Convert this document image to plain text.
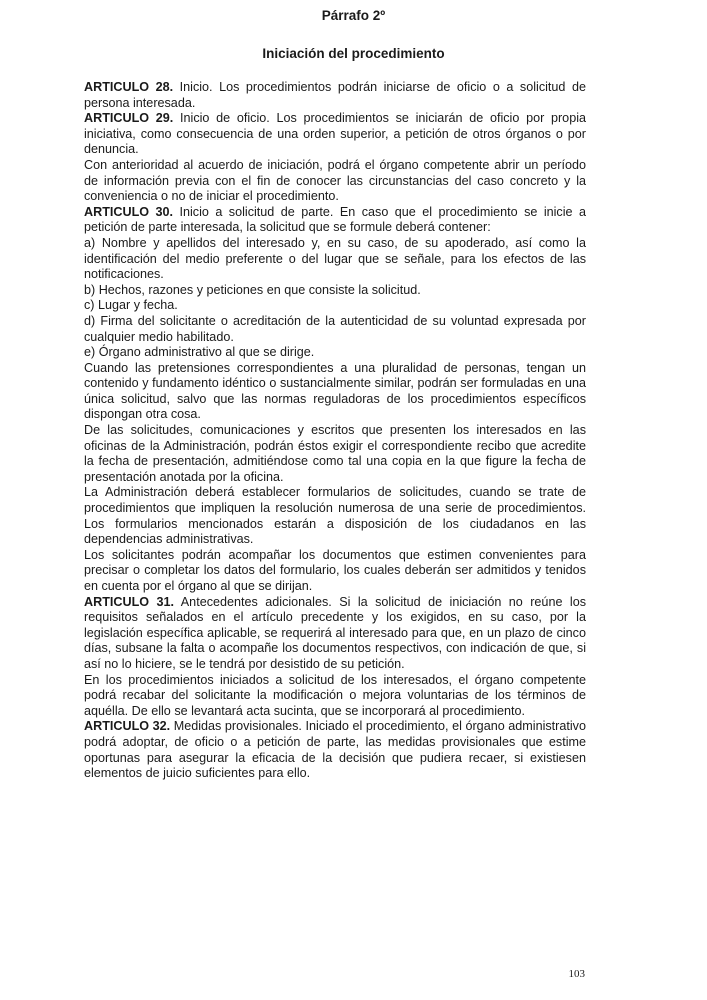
Párrafo 2º
Iniciación del procedimiento

ARTICULO 28. Inicio. Los procedimientos podrán iniciarse de oficio o a solicitud de persona interesada.

ARTICULO 29. Inicio de oficio. Los procedimientos se iniciarán de oficio por propia iniciativa, como consecuencia de una orden superior, a petición de otros órganos o por denuncia.

Con anterioridad al acuerdo de iniciación, podrá el órgano competente abrir un período de información previa con el fin de conocer las circunstancias del caso concreto y la conveniencia o no de iniciar el procedimiento.

ARTICULO 30. Inicio a solicitud de parte. En caso que el procedimiento se inicie a petición de parte interesada, la solicitud que se formule deberá contener:

a) Nombre y apellidos del interesado y, en su caso, de su apoderado, así como la identificación del medio preferente o del lugar que se señale, para los efectos de las notificaciones.

b) Hechos, razones y peticiones en que consiste la solicitud.

c) Lugar y fecha.

d) Firma del solicitante o acreditación de la autenticidad de su voluntad expresada por cualquier medio habilitado.

e) Órgano administrativo al que se dirige.

Cuando las pretensiones correspondientes a una pluralidad de personas, tengan un contenido y fundamento idéntico o sustancialmente similar, podrán ser formuladas en una única solicitud, salvo que las normas reguladoras de los procedimientos específicos dispongan otra cosa.

De las solicitudes, comunicaciones y escritos que presenten los interesados en las oficinas de la Administración, podrán éstos exigir el correspondiente recibo que acredite la fecha de presentación, admitiéndose como tal una copia en la que figure la fecha de presentación anotada por la oficina.

La Administración deberá establecer formularios de solicitudes, cuando se trate de procedimientos que impliquen la resolución numerosa de una serie de procedimientos. Los formularios mencionados estarán a disposición de los ciudadanos en las dependencias administrativas.

Los solicitantes podrán acompañar los documentos que estimen convenientes para precisar o completar los datos del formulario, los cuales deberán ser admitidos y tenidos en cuenta por el órgano al que se dirijan.

ARTICULO 31. Antecedentes adicionales. Si la solicitud de iniciación no reúne los requisitos señalados en el artículo precedente y los exigidos, en su caso, por la legislación específica aplicable, se requerirá al interesado para que, en un plazo de cinco días, subsane la falta o acompañe los documentos respectivos, con indicación de que, si así no lo hiciere, se le tendrá por desistido de su petición.

En los procedimientos iniciados a solicitud de los interesados, el órgano competente podrá recabar del solicitante la modificación o mejora voluntarias de los términos de aquélla. De ello se levantará acta sucinta, que se incorporará al procedimiento.

ARTICULO 32. Medidas provisionales. Iniciado el procedimiento, el órgano administrativo podrá adoptar, de oficio o a petición de parte, las medidas provisionales que estime oportunas para asegurar la eficacia de la decisión que pudiera recaer, si existiesen elementos de juicio suficientes para ello.

103
